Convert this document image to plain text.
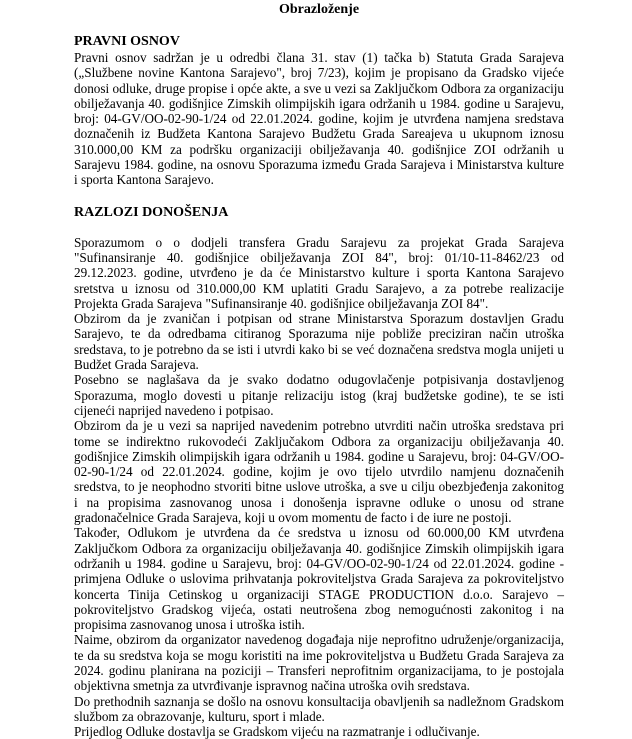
Obrazloženje
PRAVNI OSNOV

Pravni osnov sadržan je u odredbi člana 31. stav (1) tačka b) Statuta Grada Sarajeva („Službene novine Kantona Sarajevo", broj 7/23), kojim je propisano da Gradsko vijeće donosi odluke, druge propise i opće akte, a sve u vezi sa Zaključkom Odbora za organizaciju obilježavanja 40. godišnjice Zimskih olimpijskih igara održanih u 1984. godine u Sarajevu, broj: 04-GV/OO-02-90-1/24 od 22.01.2024. godine, kojim je utvrđena namjena sredstava doznačenih iz Budžeta Kantona Sarajevo Budžetu Grada Sareajeva u ukupnom iznosu 310.000,00 KM za podršku organizaciji obilježavanja 40. godišnjice ZOI održanih u Sarajevu 1984. godine, na osnovu Sporazuma između Grada Sarajeva i Ministarstva kulture i sporta Kantona Sarajevo.

RAZLOZI DONOŠENJA

Sporazumom o o dodjeli transfera Gradu Sarajevu za projekat Grada Sarajeva "Sufinansiranje 40. godišnjice obilježavanja ZOI 84", broj: 01/10-11-8462/23 od 29.12.2023. godine, utvrđeno je da će Ministarstvo kulture i sporta Kantona Sarajevo sretstva u iznosu od 310.000,00 KM uplatiti Gradu Sarajevo, a za potrebe realizacije Projekta Grada Sarajeva "Sufinansiranje 40. godišnjice obilježavanja ZOI 84".

Obzirom da je zvaničan i potpisan od strane Ministarstva Sporazum dostavljen Gradu Sarajevo, te da odredbama citiranog Sporazuma nije pobliže preciziran način utroška sredstava, to je potrebno da se isti i utvrdi kako bi se već doznačena sredstva mogla unijeti u Budžet Grada Sarajeva.

Posebno se naglašava da je svako dodatno odugovlačenje potpisivanja dostavljenog Sporazuma, moglo dovesti u pitanje relizaciju istog (kraj budžetske godine), te se isti cijeneći naprijed navedeno i potpisao.

Obzirom da je u vezi sa naprijed navedenim potrebno utvrditi način utroška sredstava pri tome se indirektno rukovodeći Zaključakom Odbora za organizaciju obilježavanja 40. godišnjice Zimskih olimpijskih igara održanih u 1984. godine u Sarajevu, broj: 04-GV/OO-02-90-1/24 od 22.01.2024. godine, kojim je ovo tijelo utvrdilo namjenu doznačenih sredstva, to je neophodno stvoriti bitne uslove utroška, a sve u cilju obezbjeđenja zakonitog i na propisima zasnovanog unosa i donošenja ispravne odluke o unosu od strane gradonačelnice Grada Sarajeva, koji u ovom momentu de facto i de iure ne postoji.

Također, Odlukom je utvrđena da će sredstva u iznosu od 60.000,00 KM utvrđena Zaključkom Odbora za organizaciju obilježavanja 40. godišnjice Zimskih olimpijskih igara održanih u 1984. godine u Sarajevu, broj: 04-GV/OO-02-90-1/24 od 22.01.2024. godine - primjena Odluke o uslovima prihvatanja pokroviteljstva Grada Sarajeva za pokroviteljstvo koncerta Tinija Cetinskog u organizaciji STAGE PRODUCTION d.o.o. Sarajevo – pokroviteljstvo Gradskog vijeća, ostati neutrošena zbog nemogućnosti zakonitog i na propisima zasnovanog unosa i utroška istih.

Naime, obzirom da organizator navedenog događaja nije neprofitno udruženje/organizacija, te da su sredstva koja se mogu koristiti na ime pokroviteljstva u Budžetu Grada Sarajeva za 2024. godinu planirana na poziciji – Transferi neprofitnim organizacijama, to je postojala objektivna smetnja za utvrđivanje ispravnog načina utroška ovih sredstava.

Do prethodnih saznanja se došlo na osnovu konsultacija obavljenih sa nadležnom Gradskom službom za obrazovanje, kulturu, sport i mlade.

Prijedlog Odluke dostavlja se Gradskom vijeću na razmatranje i odlučivanje.
